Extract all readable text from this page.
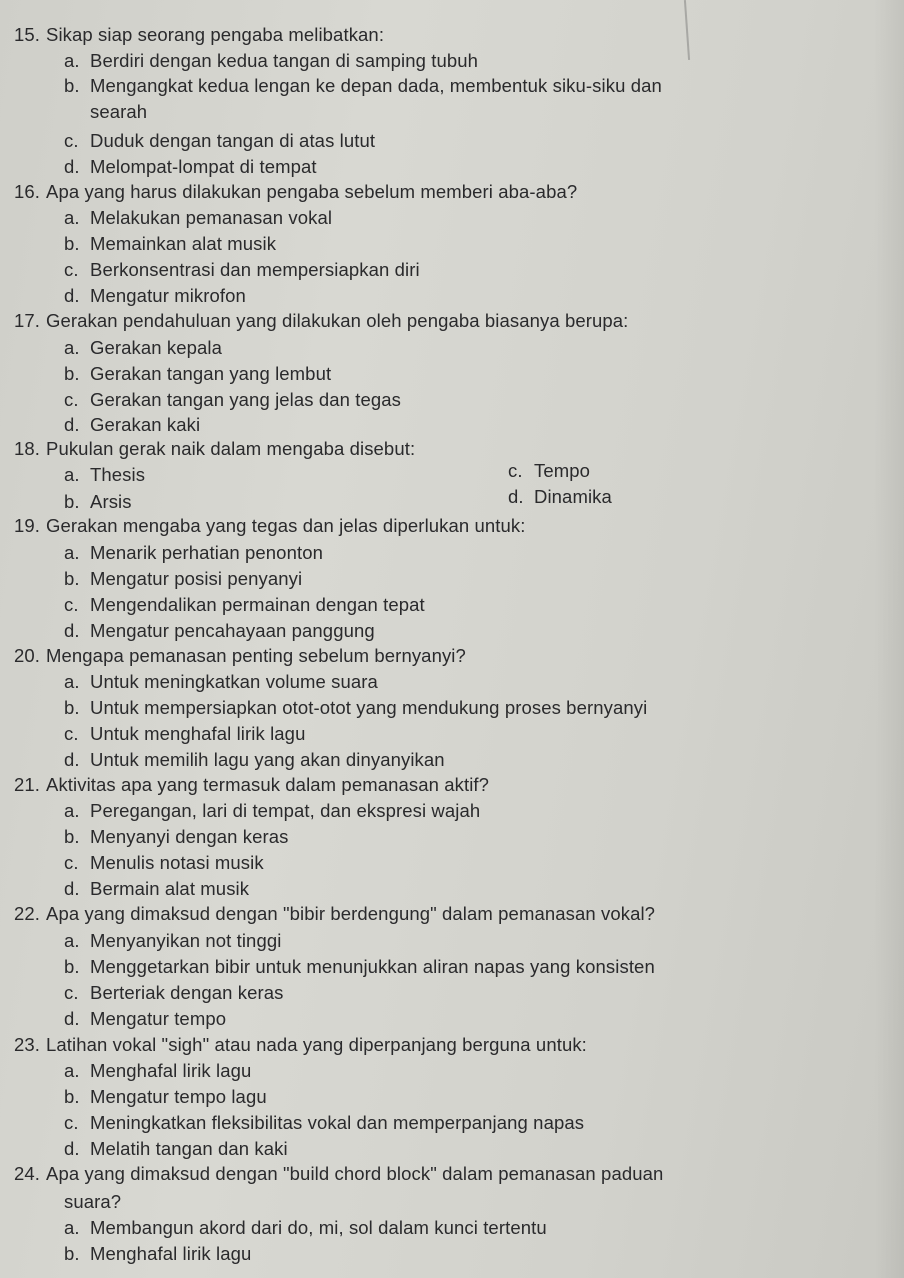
15. Sikap siap seorang pengaba melibatkan:
a. Berdiri dengan kedua tangan di samping tubuh
b. Mengangkat kedua lengan ke depan dada, membentuk siku-siku dan
searah
c. Duduk dengan tangan di atas lutut
d. Melompat-lompat di tempat
16. Apa yang harus dilakukan pengaba sebelum memberi aba-aba?
a. Melakukan pemanasan vokal
b. Memainkan alat musik
c. Berkonsentrasi dan mempersiapkan diri
d. Mengatur mikrofon
17. Gerakan pendahuluan yang dilakukan oleh pengaba biasanya berupa:
a. Gerakan kepala
b. Gerakan tangan yang lembut
c. Gerakan tangan yang jelas dan tegas
d. Gerakan kaki
18. Pukulan gerak naik dalam mengaba disebut:
a. Thesis	c. Tempo
b. Arsis	d. Dinamika
19. Gerakan mengaba yang tegas dan jelas diperlukan untuk:
a. Menarik perhatian penonton
b. Mengatur posisi penyanyi
c. Mengendalikan permainan dengan tepat
d. Mengatur pencahayaan panggung
20. Mengapa pemanasan penting sebelum bernyanyi?
a. Untuk meningkatkan volume suara
b. Untuk mempersiapkan otot-otot yang mendukung proses bernyanyi
c. Untuk menghafal lirik lagu
d. Untuk memilih lagu yang akan dinyanyikan
21. Aktivitas apa yang termasuk dalam pemanasan aktif?
a. Peregangan, lari di tempat, dan ekspresi wajah
b. Menyanyi dengan keras
c. Menulis notasi musik
d. Bermain alat musik
22. Apa yang dimaksud dengan "bibir berdengung" dalam pemanasan vokal?
a. Menyanyikan not tinggi
b. Menggetarkan bibir untuk menunjukkan aliran napas yang konsisten
c. Berteriak dengan keras
d. Mengatur tempo
23. Latihan vokal "sigh" atau nada yang diperpanjang berguna untuk:
a. Menghafal lirik lagu
b. Mengatur tempo lagu
c. Meningkatkan fleksibilitas vokal dan memperpanjang napas
d. Melatih tangan dan kaki
24. Apa yang dimaksud dengan "build chord block" dalam pemanasan paduan
suara?
a. Membangun akord dari do, mi, sol dalam kunci tertentu
b. Menghafal lirik lagu
